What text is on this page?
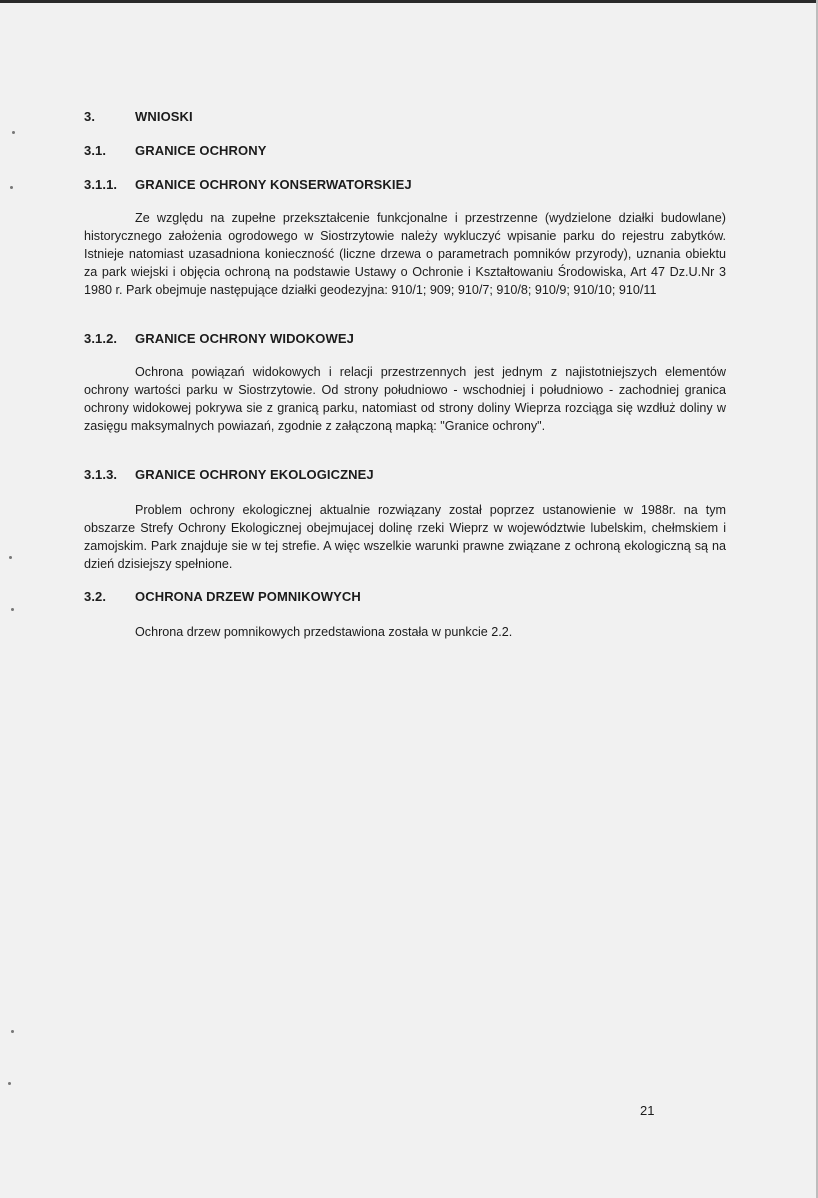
3.	WNIOSKI
3.1. GRANICE OCHRONY
3.1.1. GRANICE OCHRONY KONSERWATORSKIEJ

Ze względu na zupełne przekształcenie funkcjonalne i przestrzenne (wydzielone działki budowlane) historycznego założenia ogrodowego w Siostrzytowie należy wykluczyć wpisanie parku do rejestru zabytków. Istnieje natomiast uzasadniona konieczność (liczne drzewa o parametrach pomników przyrody), uznania obiektu za park wiejski i objęcia ochroną na podstawie Ustawy o Ochronie i Kształtowaniu Środowiska, Art 47 Dz.U.Nr 3 1980 r. Park obejmuje następujące działki geodezyjna: 910/1; 909; 910/7; 910/8; 910/9; 910/10; 910/11

3.1.2. GRANICE OCHRONY WIDOKOWEJ

Ochrona powiązań widokowych i relacji przestrzennych jest jednym z najistotniejszych elementów ochrony wartości parku w Siostrzytowie. Od strony południowo - wschodniej i południowo - zachodniej granica ochrony widokowej pokrywa sie z granicą parku, natomiast od strony doliny Wieprza rozciąga się wzdłuż doliny w zasięgu maksymalnych powiazań, zgodnie z załączoną mapką: "Granice ochrony".

3.1.3. GRANICE OCHRONY EKOLOGICZNEJ

Problem ochrony ekologicznej aktualnie rozwiązany został poprzez ustanowienie w 1988r. na tym obszarze Strefy Ochrony Ekologicznej obejmujacej dolinę rzeki Wieprz w województwie lubelskim, chełmskiem i zamojskim. Park znajduje sie w tej strefie. A więc wszelkie warunki prawne związane z ochroną ekologiczną są na dzień dzisiejszy spełnione.

3.2. OCHRONA DRZEW POMNIKOWYCH

Ochrona drzew pomnikowych przedstawiona została w punkcie 2.2.

21
